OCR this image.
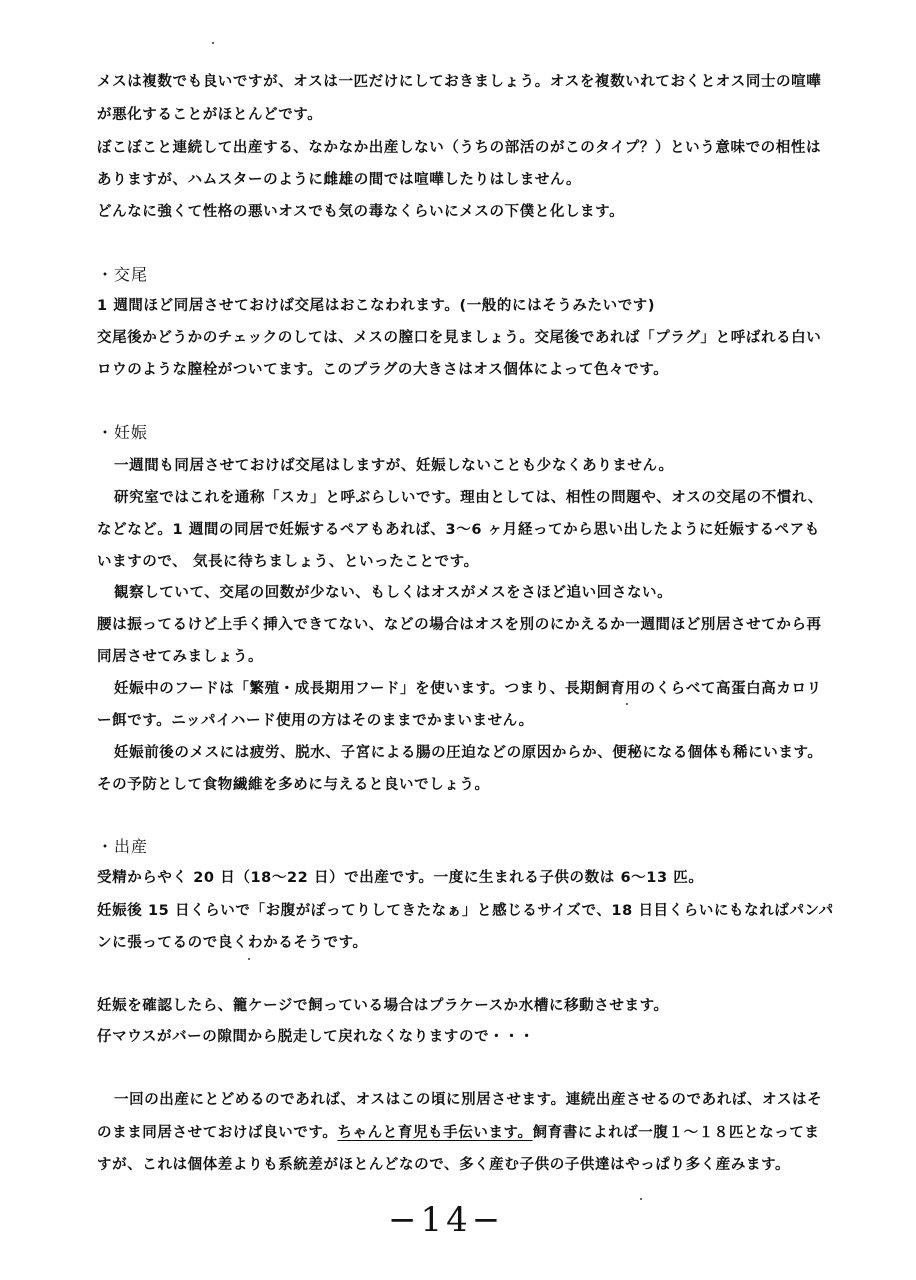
メスは複数でも良いですが、オスは一匹だけにしておきましょう。オスを複数いれておくとオス同士の喧嘩
が悪化することがほとんどです。
ぼこぼこと連続して出産する、なかなか出産しない（うちの部活のがこのタイプ？）という意味での相性は
ありますが、ハムスターのように雌雄の間では喧嘩したりはしません。
どんなに強くて性格の悪いオスでも気の毒なくらいにメスの下僕と化します。
・交尾
1 週間ほど同居させておけば交尾はおこなわれます。(一般的にはそうみたいです)
交尾後かどうかのチェックのしては、メスの膣口を見ましょう。交尾後であれば「プラグ」と呼ばれる白い
ロウのような膣栓がついてます。このプラグの大きさはオス個体によって色々です。
・妊娠
一週間も同居させておけば交尾はしますが、妊娠しないことも少なくありません。
研究室ではこれを通称「スカ」と呼ぶらしいです。理由としては、相性の問題や、オスの交尾の不慣れ、
などなど。1 週間の同居で妊娠するペアもあれば、3～6 ヶ月経ってから思い出したように妊娠するペアも
いますので、 気長に待ちましょう、といったことです。
観察していて、交尾の回数が少ない、もしくはオスがメスをさほど追い回さない。
腰は振ってるけど上手く挿入できてない、などの場合はオスを別のにかえるか一週間ほど別居させてから再
同居させてみましょう。
妊娠中のフードは「繁殖・成長期用フード」を使います。つまり、長期飼育用のくらべて高蛋白高カロリ
ー餌です。ニッパイハード使用の方はそのままでかまいません。
妊娠前後のメスには疲労、脱水、子宮による腸の圧迫などの原因からか、便秘になる個体も稀にいます。
その予防として食物繊維を多めに与えると良いでしょう。
・出産
受精からやく 20 日（18～22 日）で出産です。一度に生まれる子供の数は 6～13 匹。
妊娠後 15 日くらいで「お腹がぽってりしてきたなぁ」と感じるサイズで、18 日目くらいにもなればパンパ
ンに張ってるので良くわかるそうです。
妊娠を確認したら、籠ケージで飼っている場合はプラケースか水槽に移動させます。
仔マウスがバーの隙間から脱走して戻れなくなりますので・・・
一回の出産にとどめるのであれば、オスはこの頃に別居させます。連続出産させるのであれば、オスはそ
のまま同居させておけば良いです。ちゃんと育児も手伝います。飼育書によれば一腹１～１８匹となってま
すが、これは個体差よりも系統差がほとんどなので、多く産む子供の子供達はやっぱり多く産みます。
−14−
